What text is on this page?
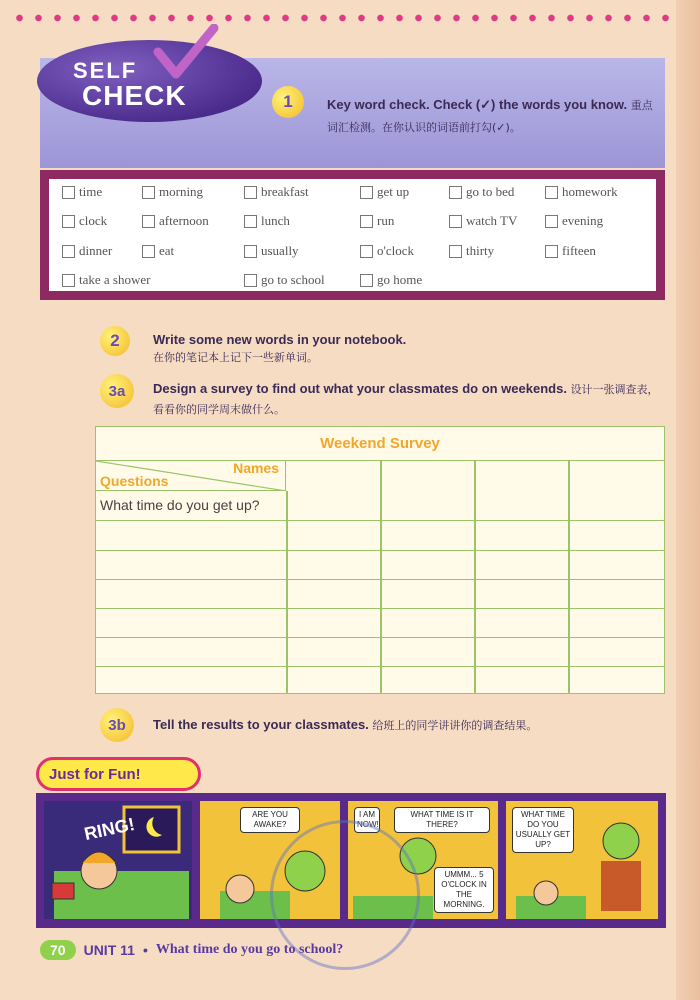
SELF
CHECK	1	Key word check. Check (✓) the words you know. 重点词汇检测。在你认识的词语前打勾(✓)。
time	morning	breakfast	get up	go to bed	homework
clock	afternoon	lunch	run	watch TV	evening
dinner	eat	usually	o'clock	thirty	fifteen
take a shower	go to school	go home
2	Write some new words in your notebook.
在你的笔记本上记下一些新单词。
3a	Design a survey to find out what your classmates do on weekends. 设计一张调查表，看看你的同学周末做什么。
Weekend Survey
Names
Questions
What time do you get up?
3b	Tell the results to your classmates. 给班上的同学讲讲你的调查结果。
Just for Fun!
RING!	ARE YOU AWAKE?
I AM NOW!
WHAT TIME IS IT THERE?
UMMM... 5 O'CLOCK IN THE MORNING.
WHAT TIME DO YOU USUALLY GET UP?
70	UNIT 11 • What time do you go to school?
